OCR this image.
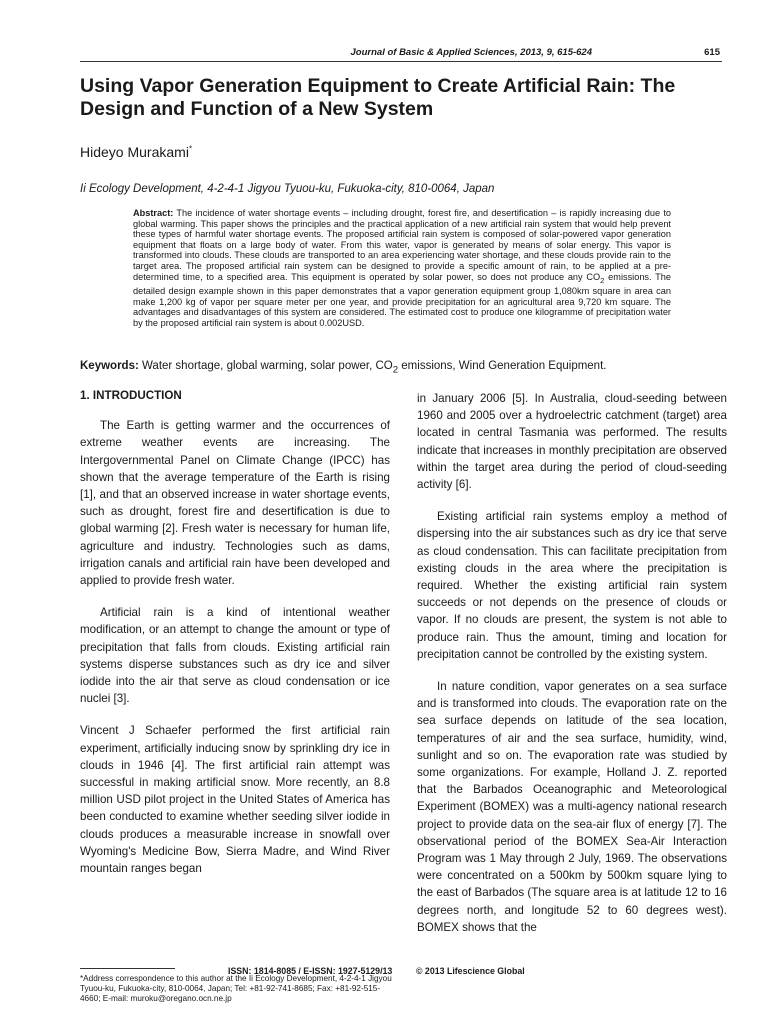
Journal of Basic & Applied Sciences, 2013, 9, 615-624	615
Using Vapor Generation Equipment to Create Artificial Rain: The Design and Function of a New System
Hideyo Murakami*
Ii Ecology Development, 4-2-4-1 Jigyou Tyuou-ku, Fukuoka-city, 810-0064, Japan
Abstract: The incidence of water shortage events – including drought, forest fire, and desertification – is rapidly increasing due to global warming. This paper shows the principles and the practical application of a new artificial rain system that would help prevent these types of harmful water shortage events. The proposed artificial rain system is composed of solar-powered vapor generation equipment that floats on a large body of water. From this water, vapor is generated by means of solar energy. This vapor is transformed into clouds. These clouds are transported to an area experiencing water shortage, and these clouds provide rain to the target area. The proposed artificial rain system can be designed to provide a specific amount of rain, to be applied at a pre-determined time, to a specified area. This equipment is operated by solar power, so does not produce any $CO_2$ emissions. The detailed design example shown in this paper demonstrates that a vapor generation equipment group 1,080km square in area can make 1,200 kg of vapor per square meter per one year, and provide precipitation for an agricultural area 9,720 km square. The advantages and disadvantages of this system are considered. The estimated cost to produce one kilogramme of precipitation water by the proposed artificial rain system is about 0.002USD.
Keywords: Water shortage, global warming, solar power, $CO_2$ emissions, Wind Generation Equipment.
1. INTRODUCTION

The Earth is getting warmer and the occurrences of extreme weather events are increasing. The Intergovernmental Panel on Climate Change (IPCC) has shown that the average temperature of the Earth is rising [1], and that an observed increase in water shortage events, such as drought, forest fire and desertification is due to global warming [2]. Fresh water is necessary for human life, agriculture and industry. Technologies such as dams, irrigation canals and artificial rain have been developed and applied to provide fresh water.

Artificial rain is a kind of intentional weather modification, or an attempt to change the amount or type of precipitation that falls from clouds. Existing artificial rain systems disperse substances such as dry ice and silver iodide into the air that serve as cloud condensation or ice nuclei [3].

Vincent J Schaefer performed the first artificial rain experiment, artificially inducing snow by sprinkling dry ice in clouds in 1946 [4]. The first artificial rain attempt was successful in making artificial snow. More recently, an 8.8 million USD pilot project in the United States of America has been conducted to examine whether seeding silver iodide in clouds produces a measurable increase in snowfall over Wyoming's Medicine Bow, Sierra Madre, and Wind River mountain ranges began

in January 2006 [5]. In Australia, cloud-seeding between 1960 and 2005 over a hydroelectric catchment (target) area located in central Tasmania was performed. The results indicate that increases in monthly precipitation are observed within the target area during the period of cloud-seeding activity [6].

Existing artificial rain systems employ a method of dispersing into the air substances such as dry ice that serve as cloud condensation. This can facilitate precipitation from existing clouds in the area where the precipitation is required. Whether the existing artificial rain system succeeds or not depends on the presence of clouds or vapor. If no clouds are present, the system is not able to produce rain. Thus the amount, timing and location for precipitation cannot be controlled by the existing system.

In nature condition, vapor generates on a sea surface and is transformed into clouds. The evaporation rate on the sea surface depends on latitude of the sea location, temperatures of air and the sea surface, humidity, wind, sunlight and so on. The evaporation rate was studied by some organizations. For example, Holland J. Z. reported that the Barbados Oceanographic and Meteorological Experiment (BOMEX) was a multi-agency national research project to provide data on the sea-air flux of energy [7]. The observational period of the BOMEX Sea-Air Interaction Program was 1 May through 2 July, 1969. The observations were concentrated on a 500km by 500km square lying to the east of Barbados (The square area is at latitude 12 to 16 degrees north, and longitude 52 to 60 degrees west). BOMEX shows that the

*Address correspondence to this author at the Ii Ecology Development, 4-2-4-1 Jigyou Tyuou-ku, Fukuoka-city, 810-0064, Japan; Tel: +81-92-741-8685; Fax: +81-92-515-4660; E-mail: muroku@oregano.ocn.ne.jp
ISSN: 1814-8085 / E-ISSN: 1927-5129/13	© 2013 Lifescience Global
